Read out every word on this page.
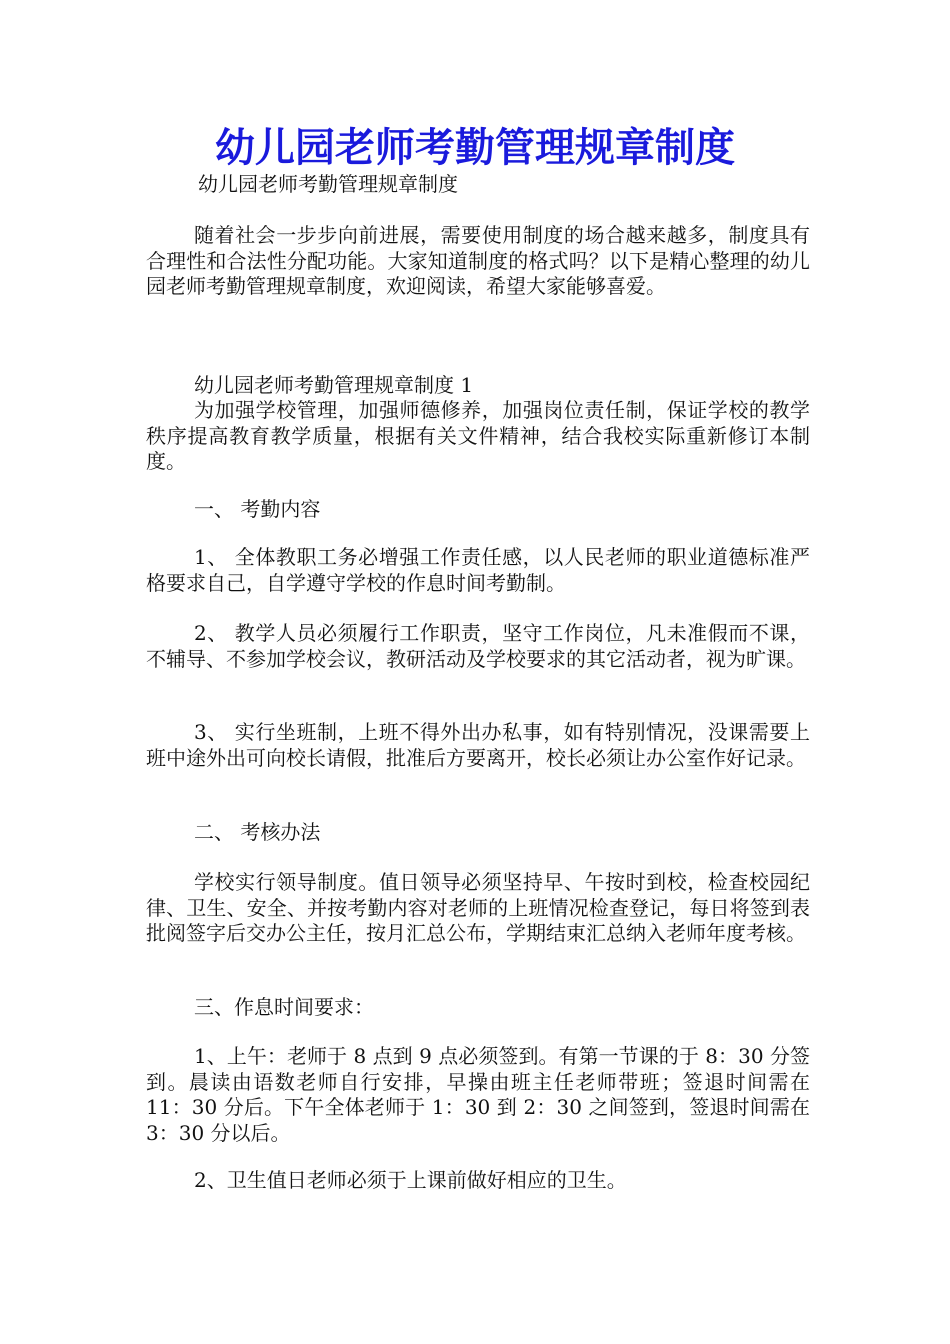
幼儿园老师考勤管理规章制度
幼儿园老师考勤管理规章制度
随着社会一步步向前进展，需要使用制度的场合越来越多，制度具有合理性和合法性分配功能。大家知道制度的格式吗？以下是精心整理的幼儿园老师考勤管理规章制度，欢迎阅读，希望大家能够喜爱。
幼儿园老师考勤管理规章制度 1
为加强学校管理，加强师德修养，加强岗位责任制，保证学校的教学秩序提高教育教学质量，根据有关文件精神，结合我校实际重新修订本制度。
一、 考勤内容
1、 全体教职工务必增强工作责任感，以人民老师的职业道德标准严格要求自己，自学遵守学校的作息时间考勤制。
2、 教学人员必须履行工作职责，坚守工作岗位，凡未准假而不课，不辅导、不参加学校会议，教研活动及学校要求的其它活动者，视为旷课。
3、 实行坐班制，上班不得外出办私事，如有特别情况，没课需要上班中途外出可向校长请假，批准后方要离开，校长必须让办公室作好记录。
二、 考核办法
学校实行领导制度。值日领导必须坚持早、午按时到校，检查校园纪律、卫生、安全、并按考勤内容对老师的上班情况检查登记，每日将签到表批阅签字后交办公主任，按月汇总公布，学期结束汇总纳入老师年度考核。
三、作息时间要求：
1、上午：老师于 8 点到 9 点必须签到。有第一节课的于 8：30 分签到。晨读由语数老师自行安排，早操由班主任老师带班；签退时间需在 11：30 分后。下午全体老师于 1：30 到 2：30 之间签到，签退时间需在 3：30 分以后。
2、卫生值日老师必须于上课前做好相应的卫生。
